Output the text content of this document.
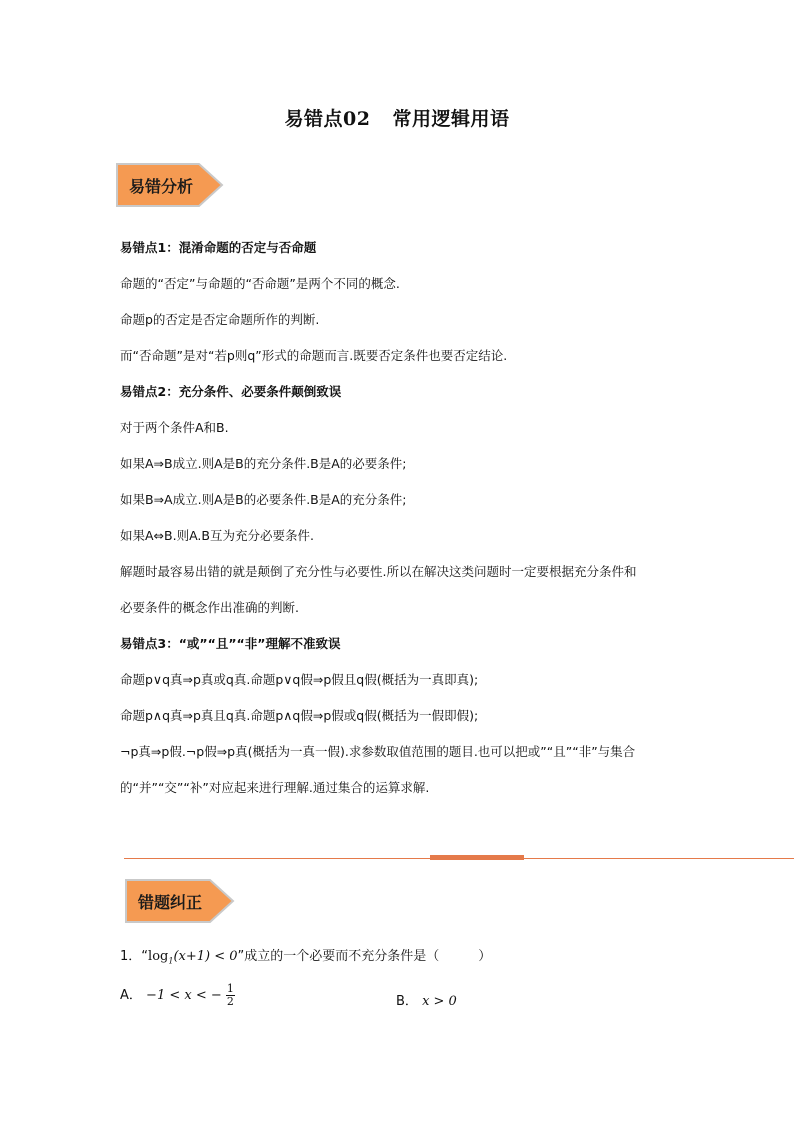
易错点02 常用逻辑用语
易错分析
易错点1：混淆命题的否定与否命题
命题的“否定”与命题的“否命题”是两个不同的概念.
命题p的否定是否定命题所作的判断.
而“否命题”是对“若p则q”形式的命题而言.既要否定条件也要否定结论.
易错点2：充分条件、必要条件颠倒致误
对于两个条件A和B.
如果A⇒B成立.则A是B的充分条件.B是A的必要条件;
如果B⇒A成立.则A是B的必要条件.B是A的充分条件;
如果A⇔B.则A.B互为充分必要条件.
解题时最容易出错的就是颠倒了充分性与必要性.所以在解决这类问题时一定要根据充分条件和
必要条件的概念作出准确的判断.
易错点3：“或”“且”“非”理解不准致误
命题p∨q真⇒p真或q真.命题p∨q假⇒p假且q假(概括为一真即真);
命题p∧q真⇒p真且q真.命题p∧q假⇒p假或q假(概括为一假即假);
¬p真⇒p假.¬p假⇒p真(概括为一真一假).求参数取值范围的题目.也可以把或”“且”“非”与集合
的“并”“交”“补”对应起来进行理解.通过集合的运算求解.
错题纠正
1．“$\log_1(x+1) < 0$”成立的一个必要而不充分条件是（　　　）
A． −1 < x < − $\frac{1}{2}$	B． x > 0
